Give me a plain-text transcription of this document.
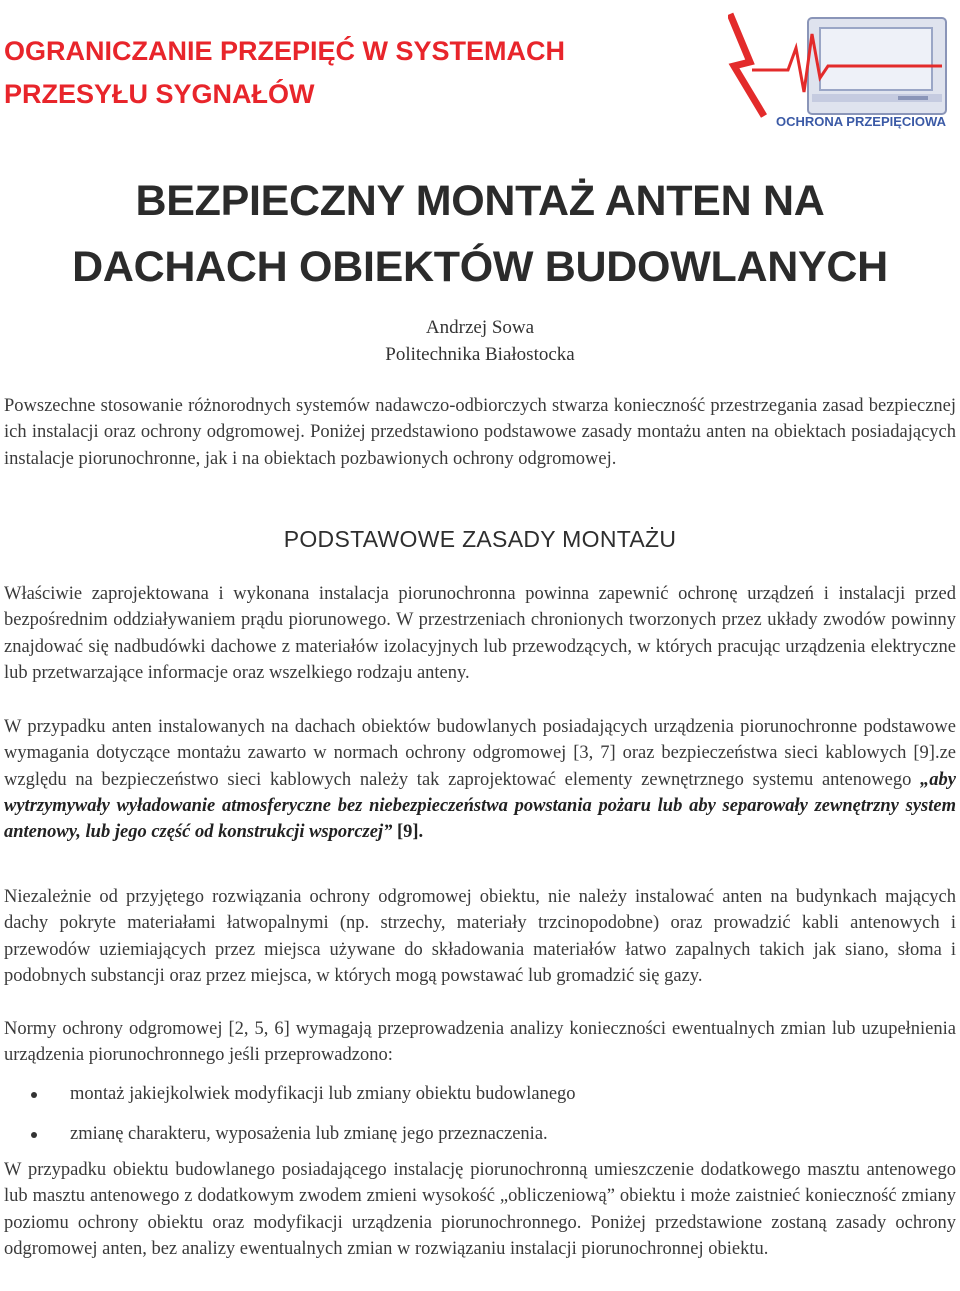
OGRANICZANIE PRZEPIĘĆ W SYSTEMACH
PRZESYŁU SYGNAŁÓW
OCHRONA PRZEPIĘCIOWA
BEZPIECZNY MONTAŻ ANTEN NA
DACHACH OBIEKTÓW BUDOWLANYCH
Andrzej Sowa
Politechnika Białostocka

Powszechne stosowanie różnorodnych systemów nadawczo-odbiorczych stwarza konieczność przestrzegania zasad bezpiecznej ich instalacji oraz ochrony odgromowej. Poniżej przedstawiono podstawowe zasady montażu anten na obiektach posiadających instalacje piorunochronne, jak i na obiektach pozbawionych ochrony odgromowej.

PODSTAWOWE ZASADY MONTAŻU

Właściwie zaprojektowana i wykonana instalacja piorunochronna powinna zapewnić ochronę urządzeń i instalacji przed bezpośrednim oddziaływaniem prądu piorunowego. W przestrzeniach chronionych tworzonych przez układy zwodów powinny znajdować się nadbudówki dachowe z materiałów izolacyjnych lub przewodzących, w których pracując urządzenia elektryczne lub przetwarzające informacje oraz wszelkiego rodzaju anteny.

W przypadku anten instalowanych na dachach obiektów budowlanych posiadających urządzenia piorunochronne podstawowe wymagania dotyczące montażu zawarto w normach ochrony odgromowej [3, 7] oraz bezpieczeństwa sieci kablowych [9].ze względu na bezpieczeństwo sieci kablowych należy tak zaprojektować elementy zewnętrznego systemu antenowego „aby wytrzymywały wyładowanie atmosferyczne bez niebezpieczeństwa powstania pożaru lub aby separowały zewnętrzny system antenowy, lub jego część od konstrukcji wsporczej” [9].

Niezależnie od przyjętego rozwiązania ochrony odgromowej obiektu, nie należy instalować anten na budynkach mających dachy pokryte materiałami łatwopalnymi (np. strzechy, materiały trzcinopodobne) oraz prowadzić kabli antenowych i przewodów uziemiających przez miejsca używane do składowania materiałów łatwo zapalnych takich jak siano, słoma i podobnych substancji oraz przez miejsca, w których mogą powstawać lub gromadzić się gazy.

Normy ochrony odgromowej [2, 5, 6] wymagają przeprowadzenia analizy konieczności ewentualnych zmian lub uzupełnienia urządzenia piorunochronnego jeśli przeprowadzono:

montaż jakiejkolwiek modyfikacji lub zmiany obiektu budowlanego
zmianę charakteru, wyposażenia lub zmianę jego przeznaczenia.

W przypadku obiektu budowlanego posiadającego instalację piorunochronną umieszczenie dodatkowego masztu antenowego lub masztu antenowego z dodatkowym zwodem zmieni wysokość „obliczeniową” obiektu i może zaistnieć konieczność zmiany poziomu ochrony obiektu oraz modyfikacji urządzenia piorunochronnego. Poniżej przedstawione zostaną zasady ochrony odgromowej anten, bez analizy ewentualnych zmian w rozwiązaniu instalacji piorunochronnej obiektu.
